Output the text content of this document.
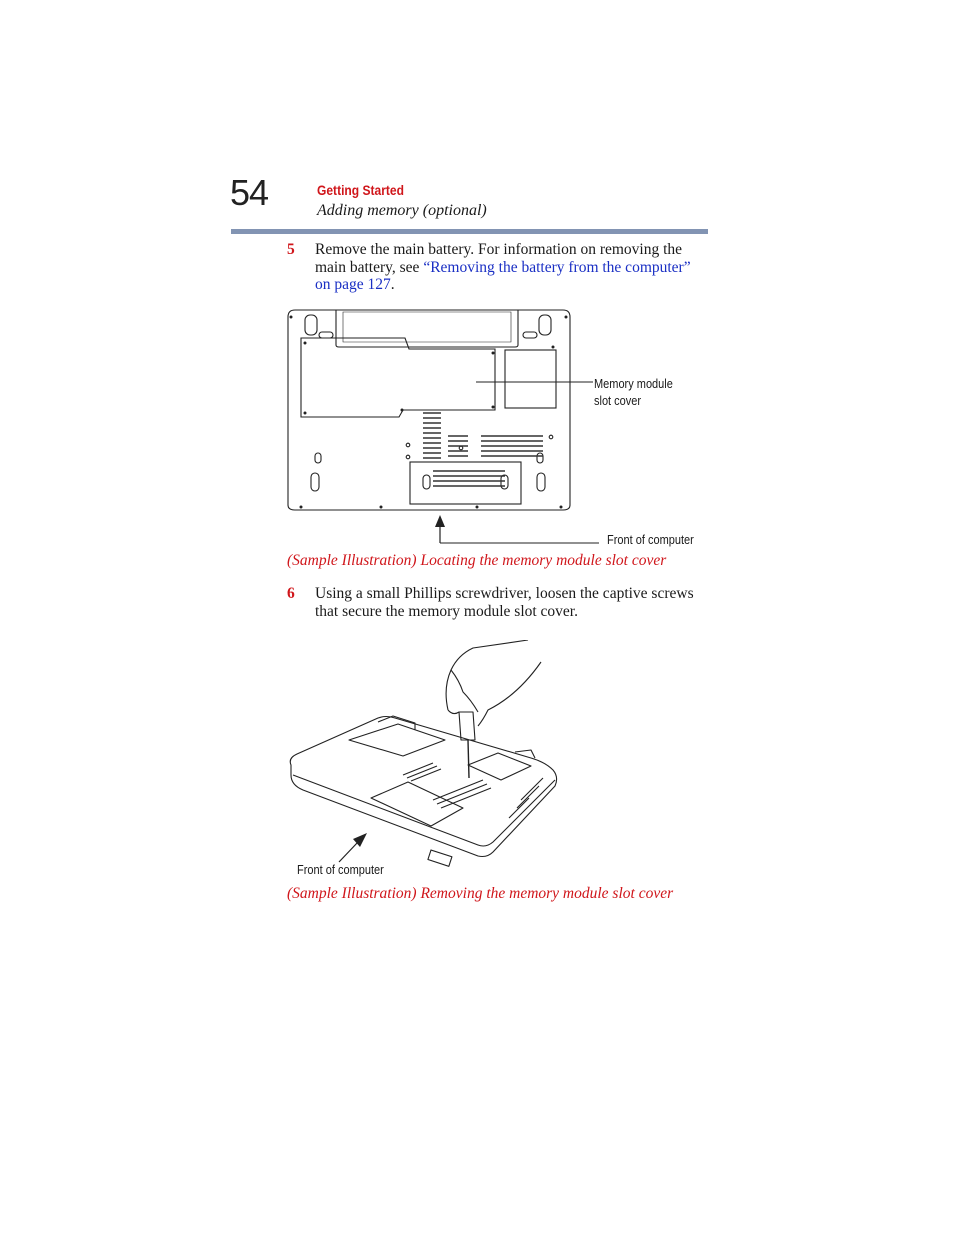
54	Getting Started
Adding memory (optional)
5 Remove the main battery. For information on removing the main battery, see “Removing the battery from the computer” on page 127.
Memory module
slot cover
Front of computer
(Sample Illustration) Locating the memory module slot cover
6 Using a small Phillips screwdriver, loosen the captive screws that secure the memory module slot cover.
Front of computer
(Sample Illustration) Removing the memory module slot cover
